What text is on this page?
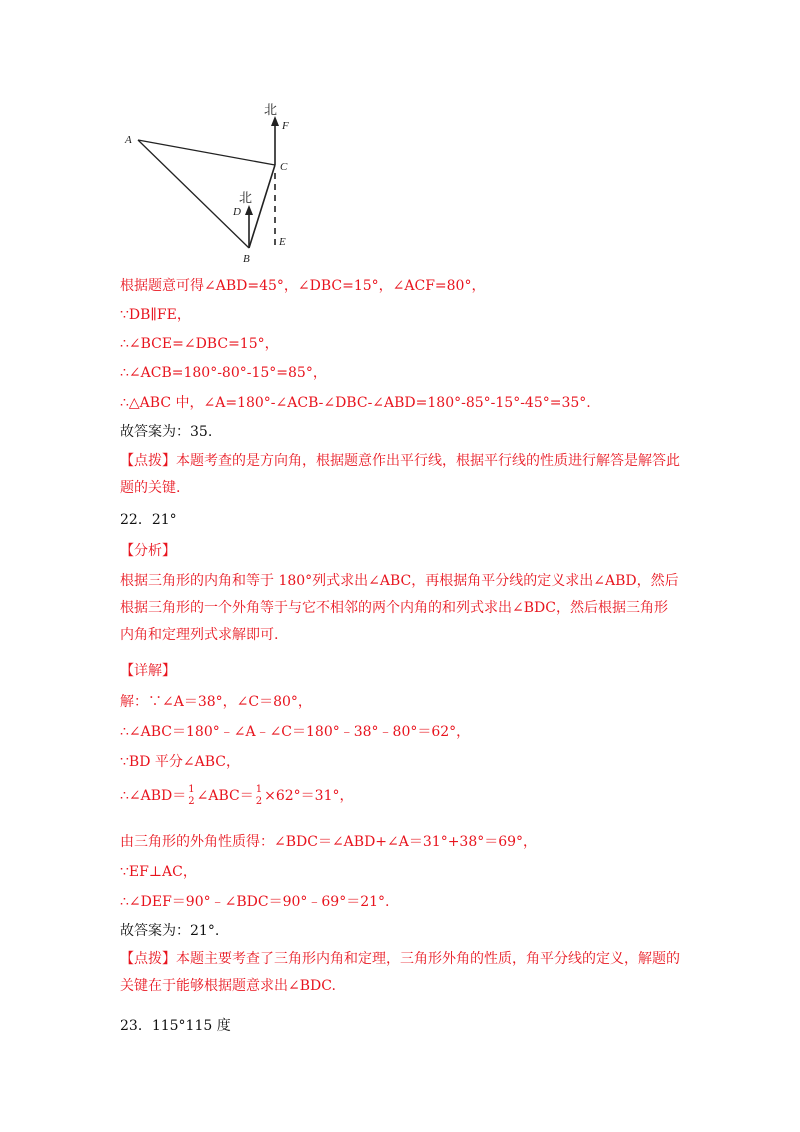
北
北
A
B
C
D
E
F
根据题意可得∠ABD=45°，∠DBC=15°，∠ACF=80°，
∵DB∥FE，
∴∠BCE=∠DBC=15°，
∴∠ACB=180°-80°-15°=85°，
∴△ABC 中，∠A=180°-∠ACB-∠DBC-∠ABD=180°-85°-15°-45°=35°.
故答案为：35.
【点拨】本题考查的是方向角，根据题意作出平行线，根据平行线的性质进行解答是解答此题的关键.
22．21°
【分析】
根据三角形的内角和等于 180°列式求出∠ABC，再根据角平分线的定义求出∠ABD，然后根据三角形的一个外角等于与它不相邻的两个内角的和列式求出∠BDC，然后根据三角形内角和定理列式求解即可.
【详解】
解：∵∠A＝38°，∠C＝80°，
∴∠ABC＝180°﹣∠A﹣∠C＝180°﹣38°﹣80°＝62°，
∵BD 平分∠ABC，
∴∠ABD＝ 1
2 ∠ABC＝ 1
2 ×62°＝31°，
由三角形的外角性质得：∠BDC＝∠ABD+∠A＝31°+38°＝69°，
∵EF⊥AC，
∴∠DEF＝90°﹣∠BDC＝90°﹣69°＝21°.
故答案为：21°.
【点拨】本题主要考查了三角形内角和定理，三角形外角的性质，角平分线的定义，解题的关键在于能够根据题意求出∠BDC.
23．115°115 度
